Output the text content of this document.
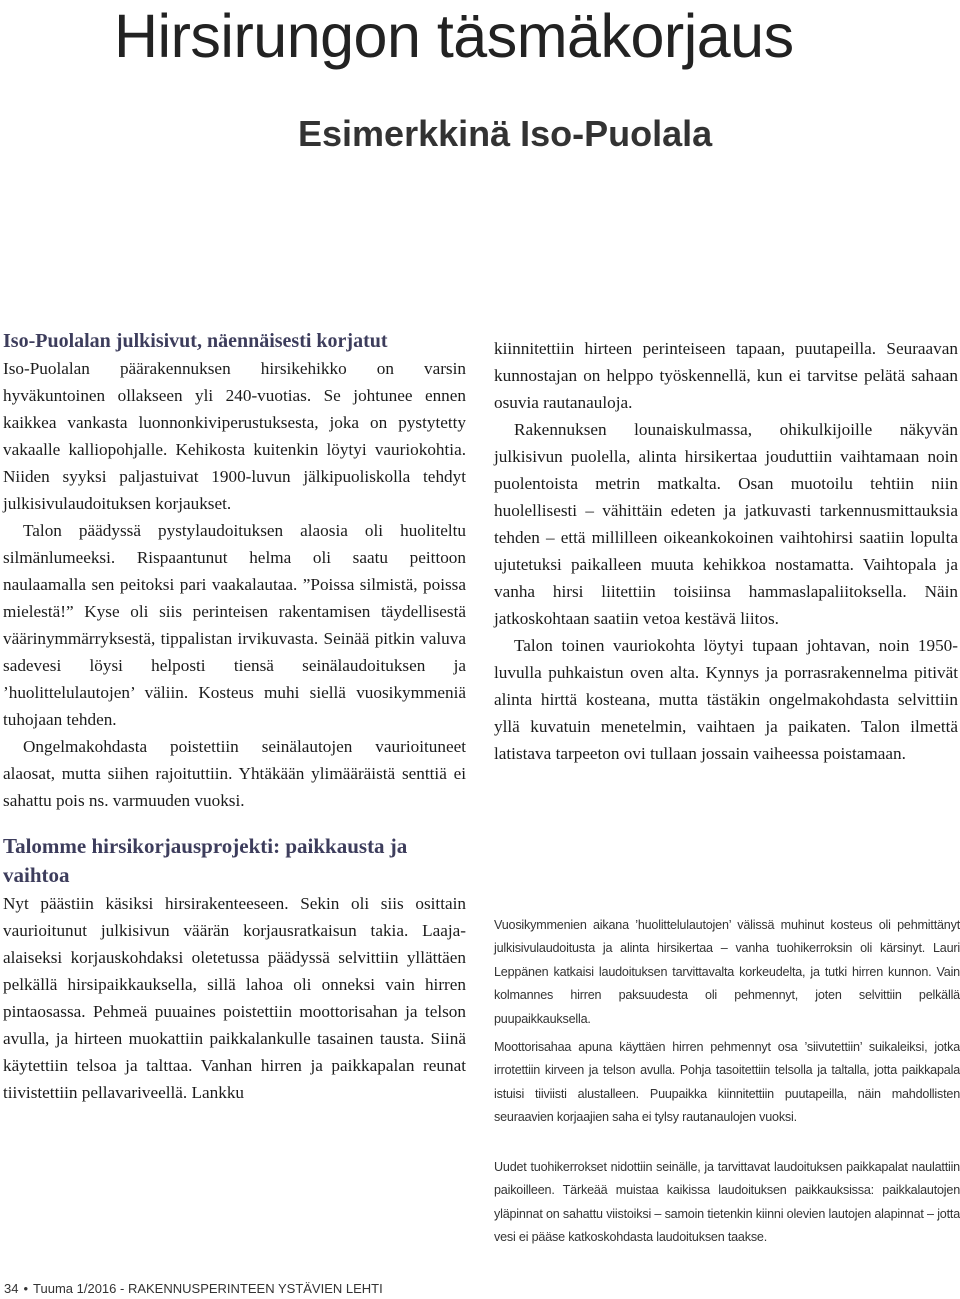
Hirsirungon täsmäkorjaus
Esimerkkinä Iso-Puolala
Iso-Puolalan julkisivut, näennäisesti korjatut

Iso-Puolalan päärakennuksen hirsikehikko on varsin hyväkuntoinen ollakseen yli 240-vuotias. Se johtunee ennen kaikkea vankasta luonnonkiviperustuksesta, joka on pystytetty vakaalle kalliopohjalle. Kehikosta kuitenkin löytyi vauriokohtia. Niiden syyksi paljastuivat 1900-luvun jälkipuoliskolla tehdyt julkisivulaudoituksen korjaukset.

Talon päädyssä pystylaudoituksen alaosia oli huoliteltu silmänlumeeksi. Rispaantunut helma oli saatu peittoon naulaamalla sen peitoksi pari vaakalautaa. ”Poissa silmistä, poissa mielestä!” Kyse oli siis perinteisen rakentamisen täydellisestä väärinymmärryksestä, tippalistan irvikuvasta. Seinää pitkin valuva sadevesi löysi helposti tiensä seinälaudoituksen ja ’huolittelulautojen’ väliin. Kosteus muhi siellä vuosikymmeniä tuhojaan tehden.

Ongelmakohdasta poistettiin seinälautojen vaurioituneet alaosat, mutta siihen rajoituttiin. Yhtäkään ylimääräistä senttiä ei sahattu pois ns. varmuuden vuoksi.

Talomme hirsikorjausprojekti: paikkausta ja vaihtoa

Nyt päästiin käsiksi hirsirakenteeseen. Sekin oli siis osittain vaurioitunut julkisivun väärän korjausratkaisun takia. Laaja-alaiseksi korjauskohdaksi oletetussa päädyssä selvittiin yllättäen pelkällä hirsipaikkauksella, sillä lahoa oli onneksi vain hirren pintaosassa. Pehmeä puuaines poistettiin moottorisahan ja telson avulla, ja hirteen muokattiin paikkalankulle tasainen tausta. Siinä käytettiin telsoa ja talttaa. Vanhan hirren ja paikkapalan reunat tiivistettiin pellavariveellä. Lankku

kiinnitettiin hirteen perinteiseen tapaan, puutapeilla. Seuraavan kunnostajan on helppo työskennellä, kun ei tarvitse pelätä sahaan osuvia rautanauloja.

Rakennuksen lounaiskulmassa, ohikulkijoille näkyvän julkisivun puolella, alinta hirsikertaa jouduttiin vaihtamaan noin puolentoista metrin matkalta. Osan muotoilu tehtiin niin huolellisesti – vähittäin edeten ja jatkuvasti tarkennusmittauksia tehden – että millilleen oikeankokoinen vaihtohirsi saatiin lopulta ujutetuksi paikalleen muuta kehikkoa nostamatta. Vaihtopala ja vanha hirsi liitettiin toisiinsa hammaslapaliitoksella. Näin jatkoskohtaan saatiin vetoa kestävä liitos.

Talon toinen vauriokohta löytyi tupaan johtavan, noin 1950-luvulla puhkaistun oven alta. Kynnys ja porrasrakennelma pitivät alinta hirttä kosteana, mutta tästäkin ongelmakohdasta selvittiin yllä kuvatuin menetelmin, vaihtaen ja paikaten. Talon ilmettä latistava tarpeeton ovi tullaan jossain vaiheessa poistamaan.

Vuosikymmenien aikana ’huolittelulautojen’ välissä muhinut kosteus oli pehmittänyt julkisivulaudoitusta ja alinta hirsikertaa – vanha tuohikerroksin oli kärsinyt. Lauri Leppänen katkaisi laudoituksen tarvittavalta korkeudelta, ja tutki hirren kunnon. Vain kolmannes hirren paksuudesta oli pehmennyt, joten selvittiin pelkällä puupaikkauksella.

Moottorisahaa apuna käyttäen hirren pehmennyt osa ’siivutettiin’ suikaleiksi, jotka irrotettiin kirveen ja telson avulla. Pohja tasoitettiin telsolla ja taltalla, jotta paikkapala istuisi tiiviisti alustalleen. Puupaikka kiinnitettiin puutapeilla, näin mahdollisten seuraavien korjaajien saha ei tylsy rautanaulojen vuoksi.

Uudet tuohikerrokset nidottiin seinälle, ja tarvittavat laudoituksen paikkapalat naulattiin paikoilleen. Tärkeää muistaa kaikissa laudoituksen paikkauksissa: paikkalautojen yläpinnat on sahattu viistoiksi – samoin tietenkin kiinni olevien lautojen alapinnat – jotta vesi ei pääse katkoskohdasta laudoituksen taakse.

34 • Tuuma 1/2016 - RAKENNUSPERINTEEN YSTÄVIEN LEHTI
